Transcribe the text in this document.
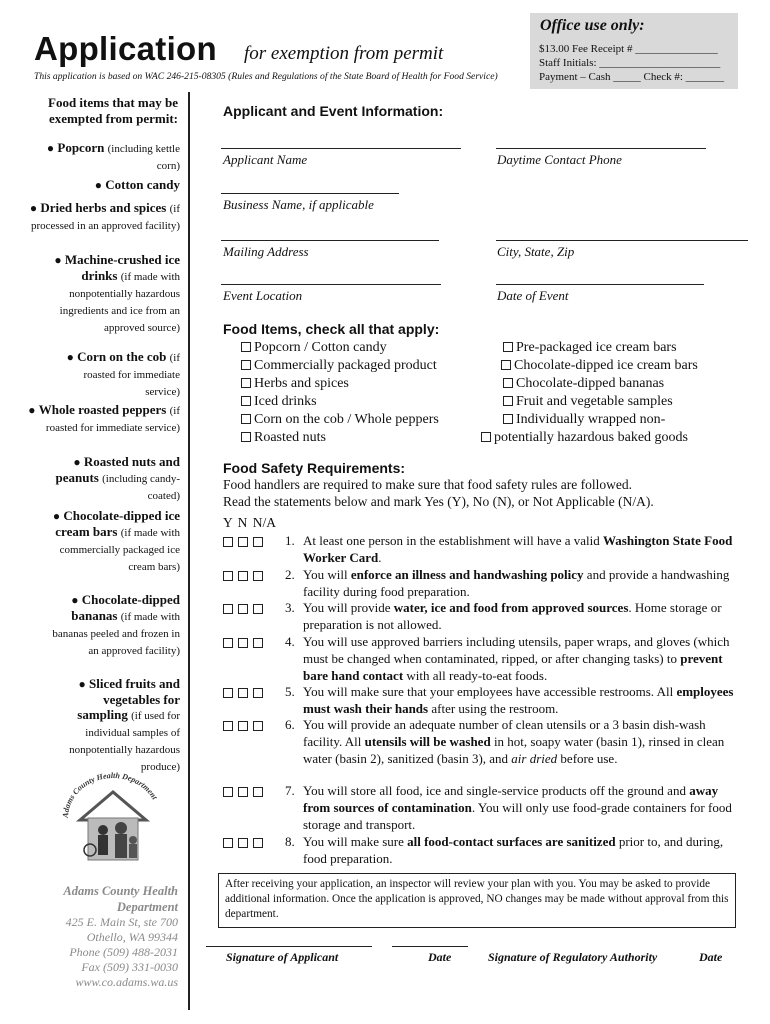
Application for exemption from permit
This application is based on WAC 246-215-08305 (Rules and Regulations of the State Board of Health for Food Service)
Office use only:
$13.00 Fee Receipt # _______________
Staff Initials: ______________________
Payment – Cash _____ Check #: _______
Food items that may be
exempted from permit:
● Popcorn (including kettle corn)
● Cotton candy
● Dried herbs and spices (if processed in an approved facility)
● Machine-crushed ice drinks (if made with nonpotentially hazardous ingredients and ice from an approved source)
● Corn on the cob (if roasted for immediate service)
● Whole roasted peppers (if roasted for immediate service)
● Roasted nuts and peanuts (including candy-coated)
● Chocolate-dipped ice cream bars (if made with commercially packaged ice cream bars)
● Chocolate-dipped bananas (if made with bananas peeled and frozen in an approved facility)
● Sliced fruits and vegetables for sampling (if used for individual samples of nonpotentially hazardous produce)
Adams County Health Department
Adams County Health Department
425 E. Main St, ste 700
Othello, WA 99344
Phone (509) 488-2031
Fax (509) 331-0030
www.co.adams.wa.us
Applicant and Event Information:
Applicant Name	Daytime Contact Phone
Business Name, if applicable
Mailing Address	City, State, Zip
Event Location	Date of Event
Food Items, check all that apply:
Popcorn / Cotton candy
Commercially packaged product
Herbs and spices
Iced drinks
Corn on the cob / Whole peppers
Roasted nuts
Pre-packaged ice cream bars
Chocolate-dipped ice cream bars
Chocolate-dipped bananas
Fruit and vegetable samples
Individually wrapped non-
potentially hazardous baked goods
Food Safety Requirements:
Food handlers are required to make sure that food safety rules are followed.
Read the statements below and mark Yes (Y), No (N), or Not Applicable (N/A).
Y N N/A
1. At least one person in the establishment will have a valid Washington State Food Worker Card.
2. You will enforce an illness and handwashing policy and provide a handwashing facility during food preparation.
3. You will provide water, ice and food from approved sources. Home storage or preparation is not allowed.
4. You will use approved barriers including utensils, paper wraps, and gloves (which must be changed when contaminated, ripped, or after changing tasks) to prevent bare hand contact with all ready-to-eat foods.
5. You will make sure that your employees have accessible restrooms. All employees must wash their hands after using the restroom.
6. You will provide an adequate number of clean utensils or a 3 basin dish-wash facility. All utensils will be washed in hot, soapy water (basin 1), rinsed in clean water (basin 2), sanitized (basin 3), and air dried before use.
7. You will store all food, ice and single-service products off the ground and away from sources of contamination. You will only use food-grade containers for food storage and transport.
8. You will make sure all food-contact surfaces are sanitized prior to, and during, food preparation.
After receiving your application, an inspector will review your plan with you. You may be asked to provide additional information. Once the application is approved, NO changes may be made without approval from this department.
Signature of Applicant	Date	Signature of Regulatory Authority	Date
